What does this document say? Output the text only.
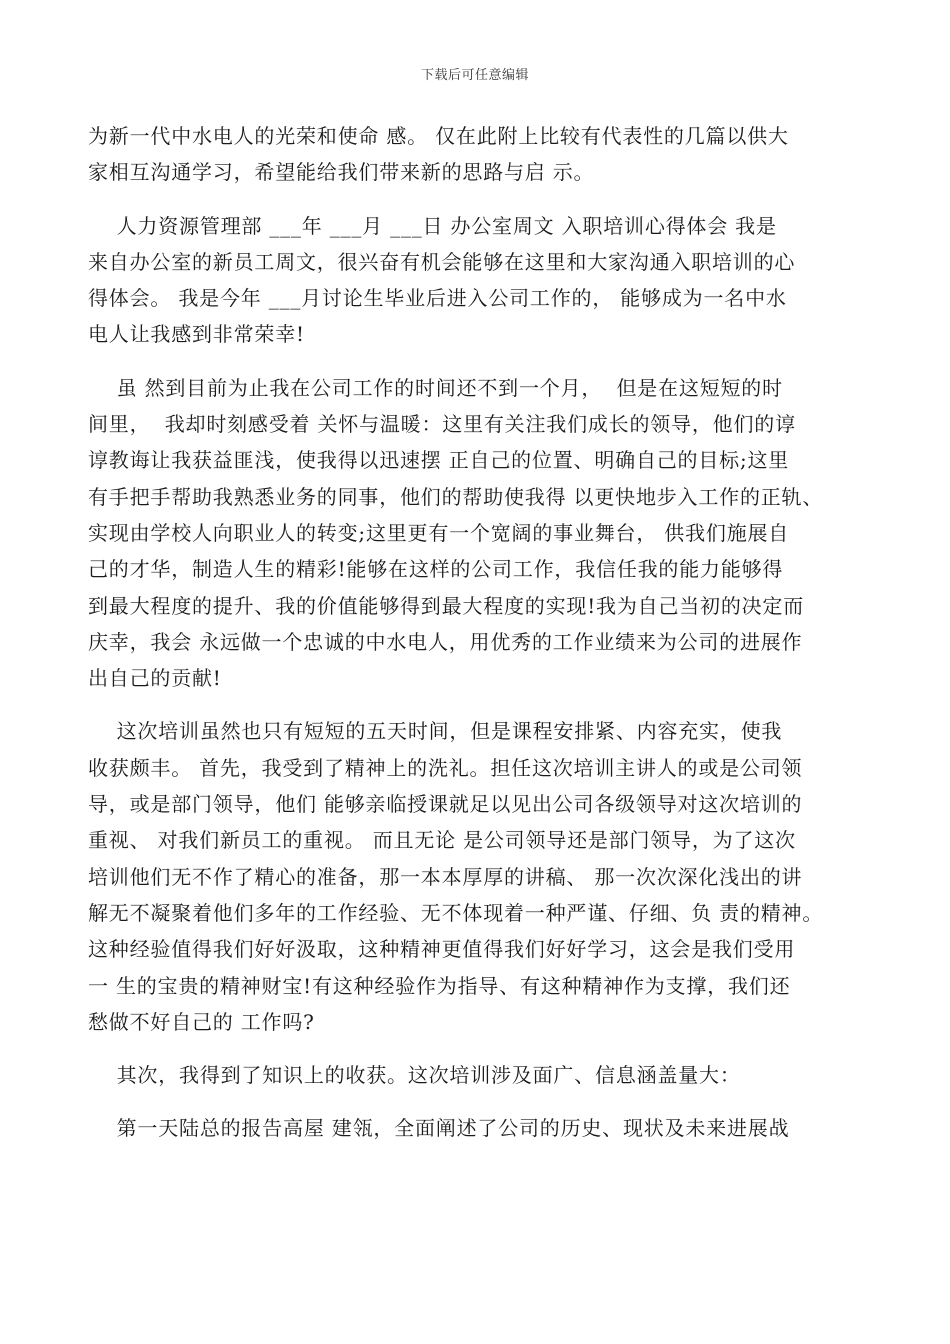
下载后可任意编辑
为新一代中水电人的光荣和使命 感。 仅在此附上比较有代表性的几篇以供大
家相互沟通学习，希望能给我们带来新的思路与启 示。
人力资源管理部 ___年 ___月 ___日 办公室周文 入职培训心得体会 我是
来自办公室的新员工周文，很兴奋有机会能够在这里和大家沟通入职培训的心
得体会。 我是今年 ___月讨论生毕业后进入公司工作的， 能够成为一名中水
电人让我感到非常荣幸!
虽 然到目前为止我在公司工作的时间还不到一个月，  但是在这短短的时
间里，  我却时刻感受着 关怀与温暖：这里有关注我们成长的领导，他们的谆
谆教诲让我获益匪浅，使我得以迅速摆 正自己的位置、明确自己的目标;这里
有手把手帮助我熟悉业务的同事，他们的帮助使我得 以更快地步入工作的正轨、
实现由学校人向职业人的转变;这里更有一个宽阔的事业舞台， 供我们施展自
己的才华，制造人生的精彩!能够在这样的公司工作，我信任我的能力能够得
到最大程度的提升、我的价值能够得到最大程度的实现!我为自己当初的决定而
庆幸，我会 永远做一个忠诚的中水电人，用优秀的工作业绩来为公司的进展作
出自己的贡献!
这次培训虽然也只有短短的五天时间，但是课程安排紧、内容充实，使我
收获颇丰。 首先，我受到了精神上的洗礼。担任这次培训主讲人的或是公司领
导，或是部门领导，他们 能够亲临授课就足以见出公司各级领导对这次培训的
重视、 对我们新员工的重视。 而且无论 是公司领导还是部门领导，为了这次
培训他们无不作了精心的准备，那一本本厚厚的讲稿、 那一次次深化浅出的讲
解无不凝聚着他们多年的工作经验、无不体现着一种严谨、仔细、负 责的精神。
这种经验值得我们好好汲取，这种精神更值得我们好好学习，这会是我们受用
一 生的宝贵的精神财宝!有这种经验作为指导、有这种精神作为支撑，我们还
愁做不好自己的 工作吗?
其次，我得到了知识上的收获。这次培训涉及面广、信息涵盖量大：
第一天陆总的报告高屋 建瓴，全面阐述了公司的历史、现状及未来进展战
